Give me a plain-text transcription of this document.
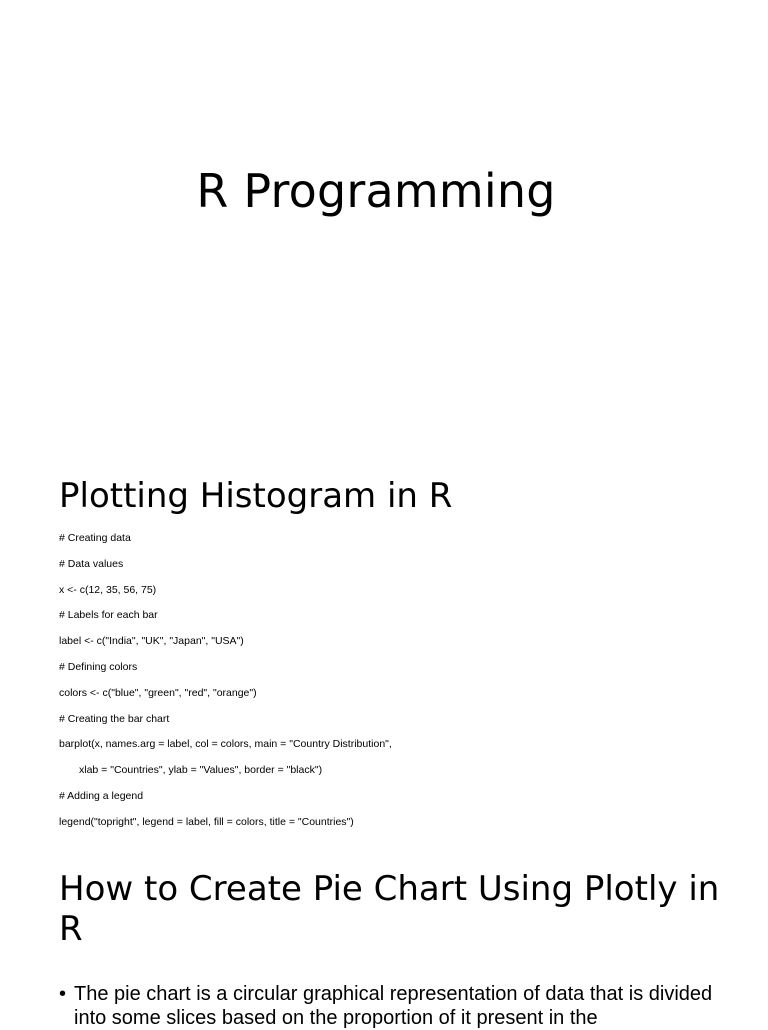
R Programming
Plotting Histogram in R
# Creating data
# Data values
x <- c(12, 35, 56, 75)
# Labels for each bar
label <- c("India", "UK", "Japan", "USA")
# Defining colors
colors <- c("blue", "green", "red", "orange")
# Creating the bar chart
barplot(x, names.arg = label, col = colors, main = "Country Distribution",
xlab = "Countries", ylab = "Values", border = "black")
# Adding a legend
legend("topright", legend = label, fill = colors, title = "Countries")
How to Create Pie Chart Using Plotly in R
• The pie chart is a circular graphical representation of data that is divided into some slices based on the proportion of it present in the
